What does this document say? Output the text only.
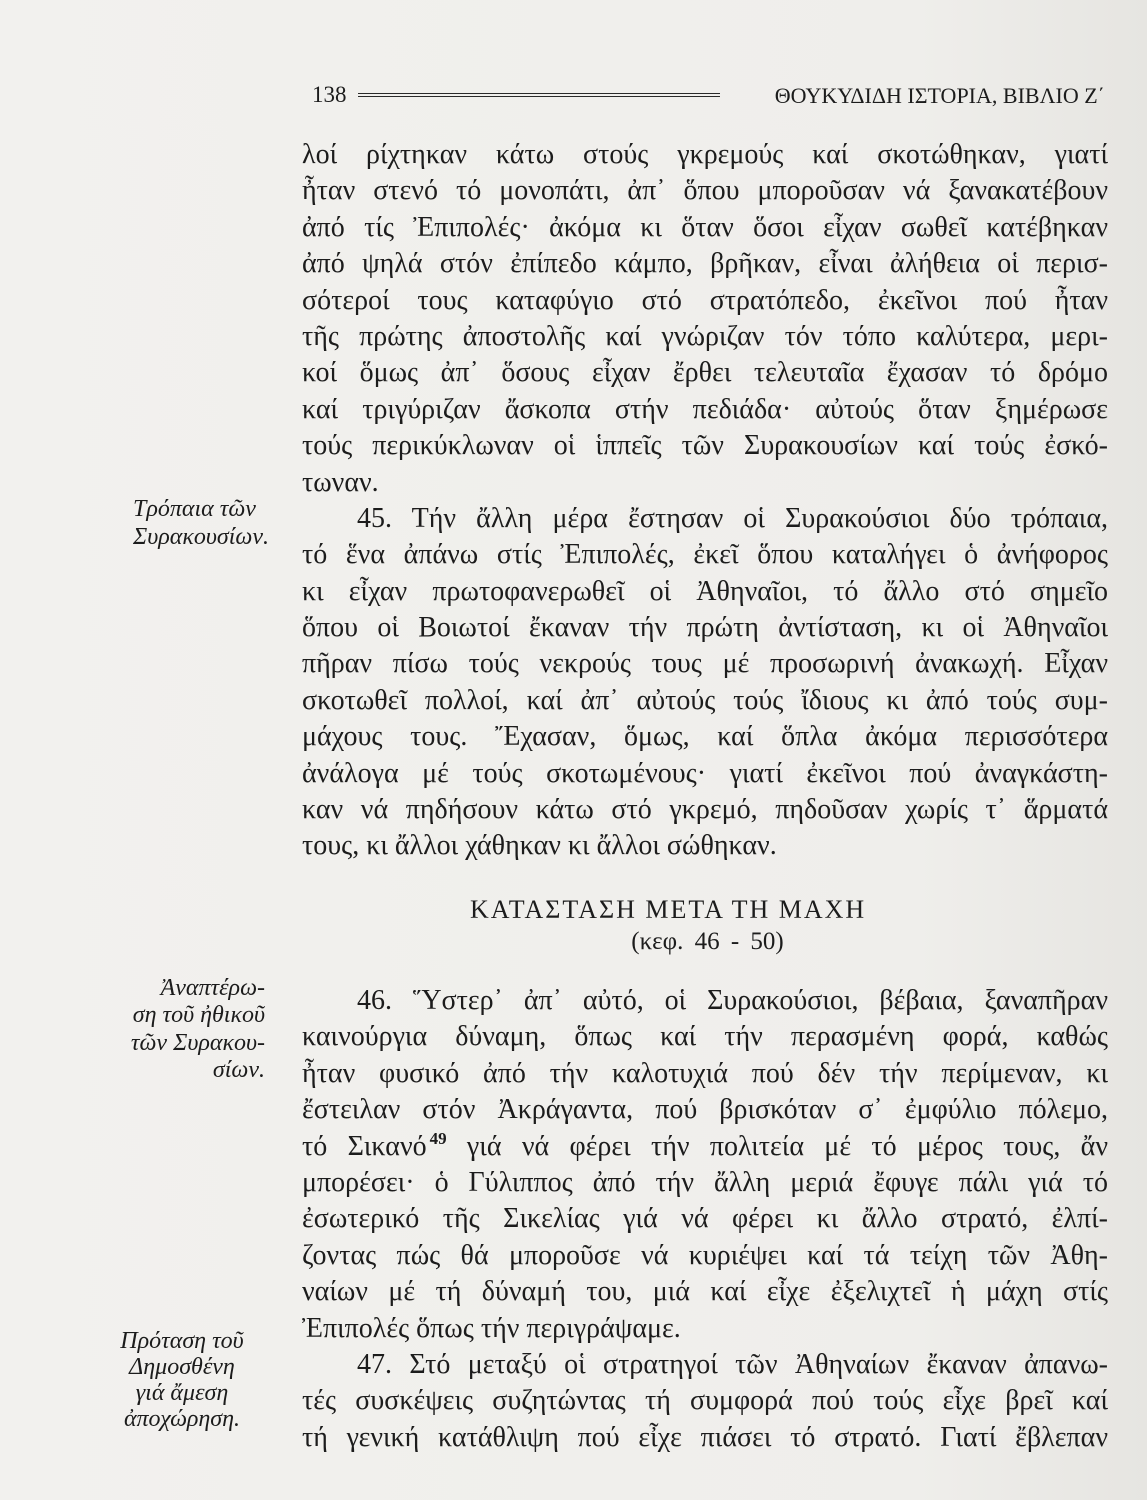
138	ΘΟΥΚΥΔΙΔΗ ΙΣΤΟΡΙΑ, ΒΙΒΛΙΟ Ζ΄
λοί ρίχτηκαν κάτω στούς γκρεμούς καί σκοτώθηκαν, γιατί
ἦταν στενό τό μονοπάτι, ἀπ᾽ ὅπου μποροῦσαν νά ξανακατέβουν
ἀπό τίς Ἐπιπολές· ἀκόμα κι ὅταν ὅσοι εἶχαν σωθεῖ κατέβηκαν
ἀπό ψηλά στόν ἐπίπεδο κάμπο, βρῆκαν, εἶναι ἀλήθεια οἱ περισ-
σότεροί τους καταφύγιο στό στρατόπεδο, ἐκεῖνοι πού ἦταν
τῆς πρώτης ἀποστολῆς καί γνώριζαν τόν τόπο καλύτερα, μερι-
κοί ὅμως ἀπ᾽ ὅσους εἶχαν ἔρθει τελευταῖα ἔχασαν τό δρόμο
καί τριγύριζαν ἄσκοπα στήν πεδιάδα· αὐτούς ὅταν ξημέρωσε
τούς περικύκλωναν οἱ ἱππεῖς τῶν Συρακουσίων καί τούς ἐσκό-
τωναν.
45. Τήν ἄλλη μέρα ἔστησαν οἱ Συρακούσιοι δύο τρόπαια,
τό ἕνα ἀπάνω στίς Ἐπιπολές, ἐκεῖ ὅπου καταλήγει ὁ ἀνήφορος
κι εἶχαν πρωτοφανερωθεῖ οἱ Ἀθηναῖοι, τό ἄλλο στό σημεῖο
ὅπου οἱ Βοιωτοί ἔκαναν τήν πρώτη ἀντίσταση, κι οἱ Ἀθηναῖοι
πῆραν πίσω τούς νεκρούς τους μέ προσωρινή ἀνακωχή. Εἶχαν
σκοτωθεῖ πολλοί, καί ἀπ᾽ αὐτούς τούς ἴδιους κι ἀπό τούς συμ-
μάχους τους. Ἔχασαν, ὅμως, καί ὅπλα ἀκόμα περισσότερα
ἀνάλογα μέ τούς σκοτωμένους· γιατί ἐκεῖνοι πού ἀναγκάστη-
καν νά πηδήσουν κάτω στό γκρεμό, πηδοῦσαν χωρίς τ᾽ ἅρματά
τους, κι ἄλλοι χάθηκαν κι ἄλλοι σώθηκαν.
ΚΑΤΑΣΤΑΣΗ ΜΕΤΑ ΤΗ ΜΑΧΗ
(κεφ. 46 - 50)
46. Ὕστερ᾽ ἀπ᾽ αὐτό, οἱ Συρακούσιοι, βέβαια, ξαναπῆραν
καινούργια δύναμη, ὅπως καί τήν περασμένη φορά, καθώς
ἦταν φυσικό ἀπό τήν καλοτυχιά πού δέν τήν περίμεναν, κι
ἔστειλαν στόν Ἀκράγαντα, πού βρισκόταν σ᾽ ἐμφύλιο πόλεμο,
τό Σικανό $^{49}$ γιά νά φέρει τήν πολιτεία μέ τό μέρος τους, ἄν
μπορέσει· ὁ Γύλιππος ἀπό τήν ἄλλη μεριά ἔφυγε πάλι γιά τό
ἐσωτερικό τῆς Σικελίας γιά νά φέρει κι ἄλλο στρατό, ἐλπί-
ζοντας πώς θά μποροῦσε νά κυριέψει καί τά τείχη τῶν Ἀθη-
ναίων μέ τή δύναμή του, μιά καί εἶχε ἐξελιχτεῖ ἡ μάχη στίς
Ἐπιπολές ὅπως τήν περιγράψαμε.
47. Στό μεταξύ οἱ στρατηγοί τῶν Ἀθηναίων ἔκαναν ἀπανω-
τές συσκέψεις συζητώντας τή συμφορά πού τούς εἶχε βρεῖ καί
τή γενική κατάθλιψη πού εἶχε πιάσει τό στρατό. Γιατί ἔβλεπαν
Τρόπαια τῶν
Συρακουσίων.
Ἀναπτέρω-
ση τοῦ ἠθικοῦ
τῶν Συρακου-
σίων.
Πρόταση τοῦ
Δημοσθένη
γιά ἄμεση
ἀποχώρηση.
